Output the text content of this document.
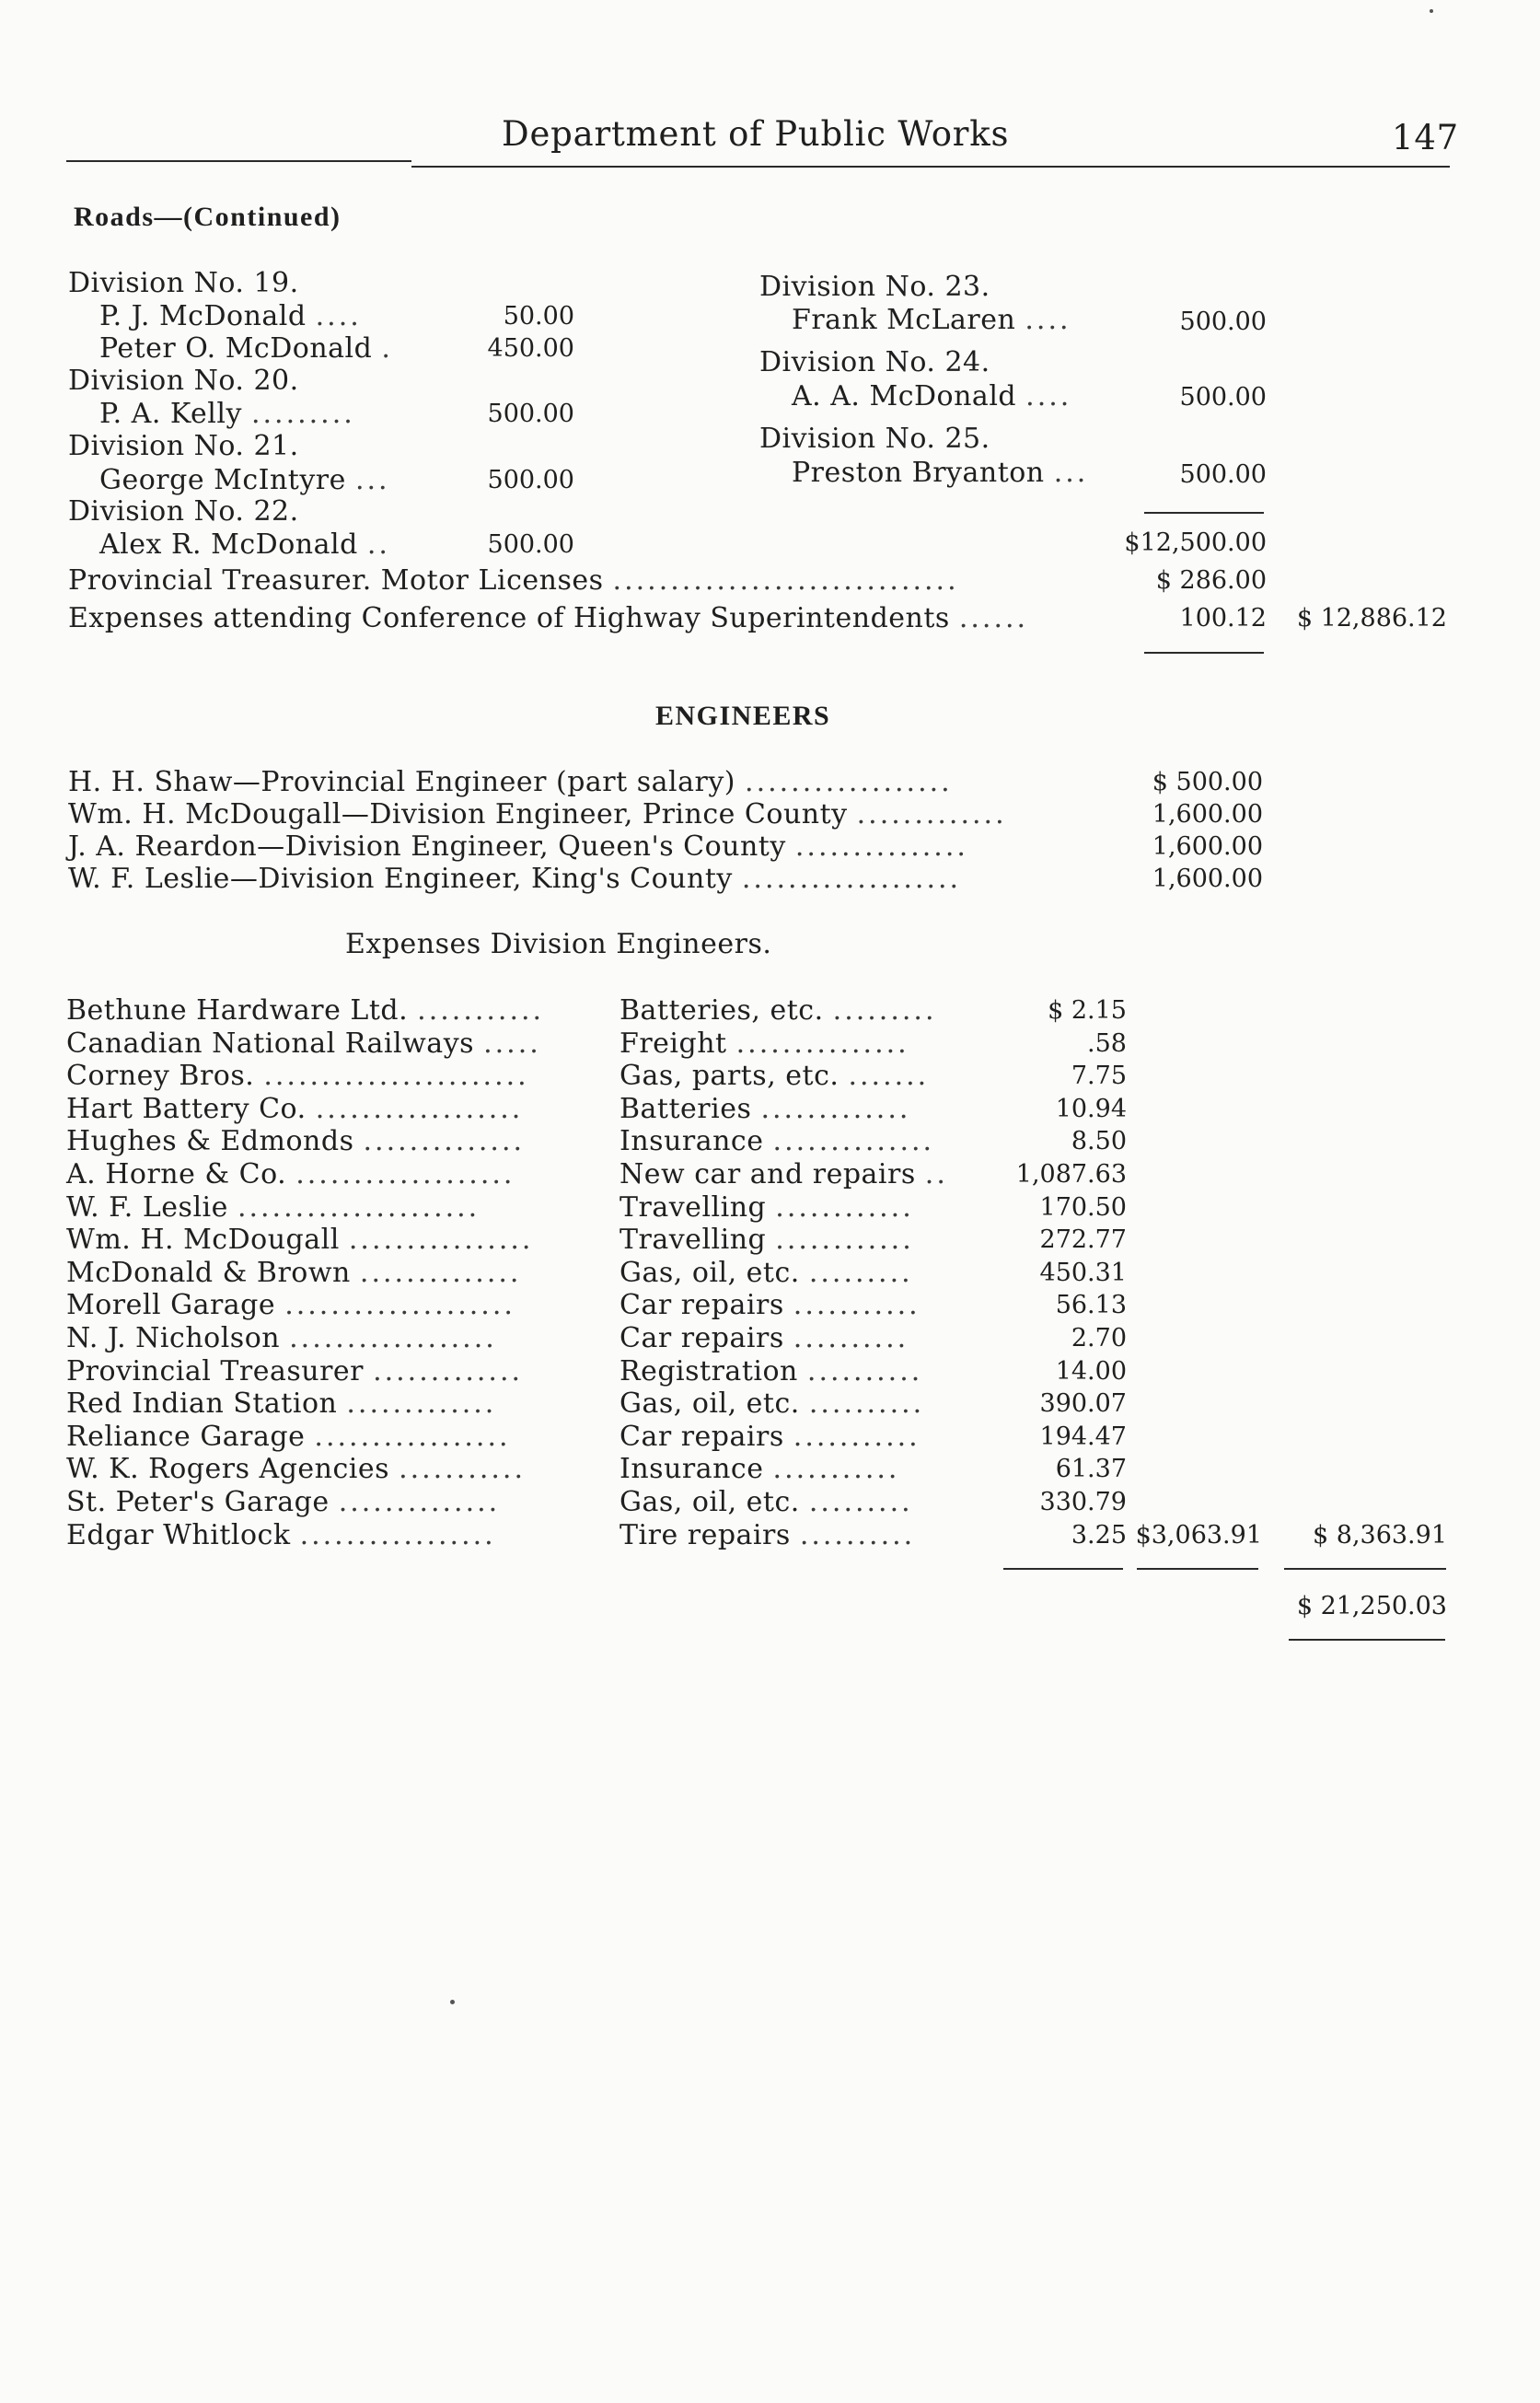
Department of Public Works	147
Roads—(Continued)
Division No. 19.
P. J. McDonald ....	50.00
Peter O. McDonald .	450.00
Division No. 20.
P. A. Kelly .........	500.00
Division No. 21.
George McIntyre ...	500.00
Division No. 22.
Alex R. McDonald ..	500.00
Division No. 23.
Frank McLaren ....	500.00
Division No. 24.
A. A. McDonald ....	500.00
Division No. 25.
Preston Bryanton ...	500.00
$12,500.00
Provincial Treasurer. Motor Licenses ..............................	$ 286.00
Expenses attending Conference of Highway Superintendents ......	100.12	$ 12,886.12
ENGINEERS
H. H. Shaw—Provincial Engineer (part salary) ..................	$ 500.00
Wm. H. McDougall—Division Engineer, Prince County .............	1,600.00
J. A. Reardon—Division Engineer, Queen's County ...............	1,600.00
W. F. Leslie—Division Engineer, King's County ...................	1,600.00
Expenses Division Engineers.
Bethune Hardware Ltd. ...........	Batteries, etc. .........	$ 2.15
Canadian National Railways .....	Freight ...............	.58
Corney Bros. .......................	Gas, parts, etc. .......	7.75
Hart Battery Co. ..................	Batteries .............	10.94
Hughes & Edmonds ..............	Insurance ..............	8.50
A. Horne & Co. ...................	New car and repairs ..	1,087.63
W. F. Leslie .....................	Travelling ............	170.50
Wm. H. McDougall ................	Travelling ............	272.77
McDonald & Brown ..............	Gas, oil, etc. .........	450.31
Morell Garage ....................	Car repairs ...........	56.13
N. J. Nicholson ..................	Car repairs ..........	2.70
Provincial Treasurer .............	Registration ..........	14.00
Red Indian Station .............	Gas, oil, etc. ..........	390.07
Reliance Garage .................	Car repairs ...........	194.47
W. K. Rogers Agencies ...........	Insurance ...........	61.37
St. Peter's Garage ..............	Gas, oil, etc. .........	330.79
Edgar Whitlock .................	Tire repairs ..........	3.25 $3,063.91	$ 8,363.91
$ 21,250.03
